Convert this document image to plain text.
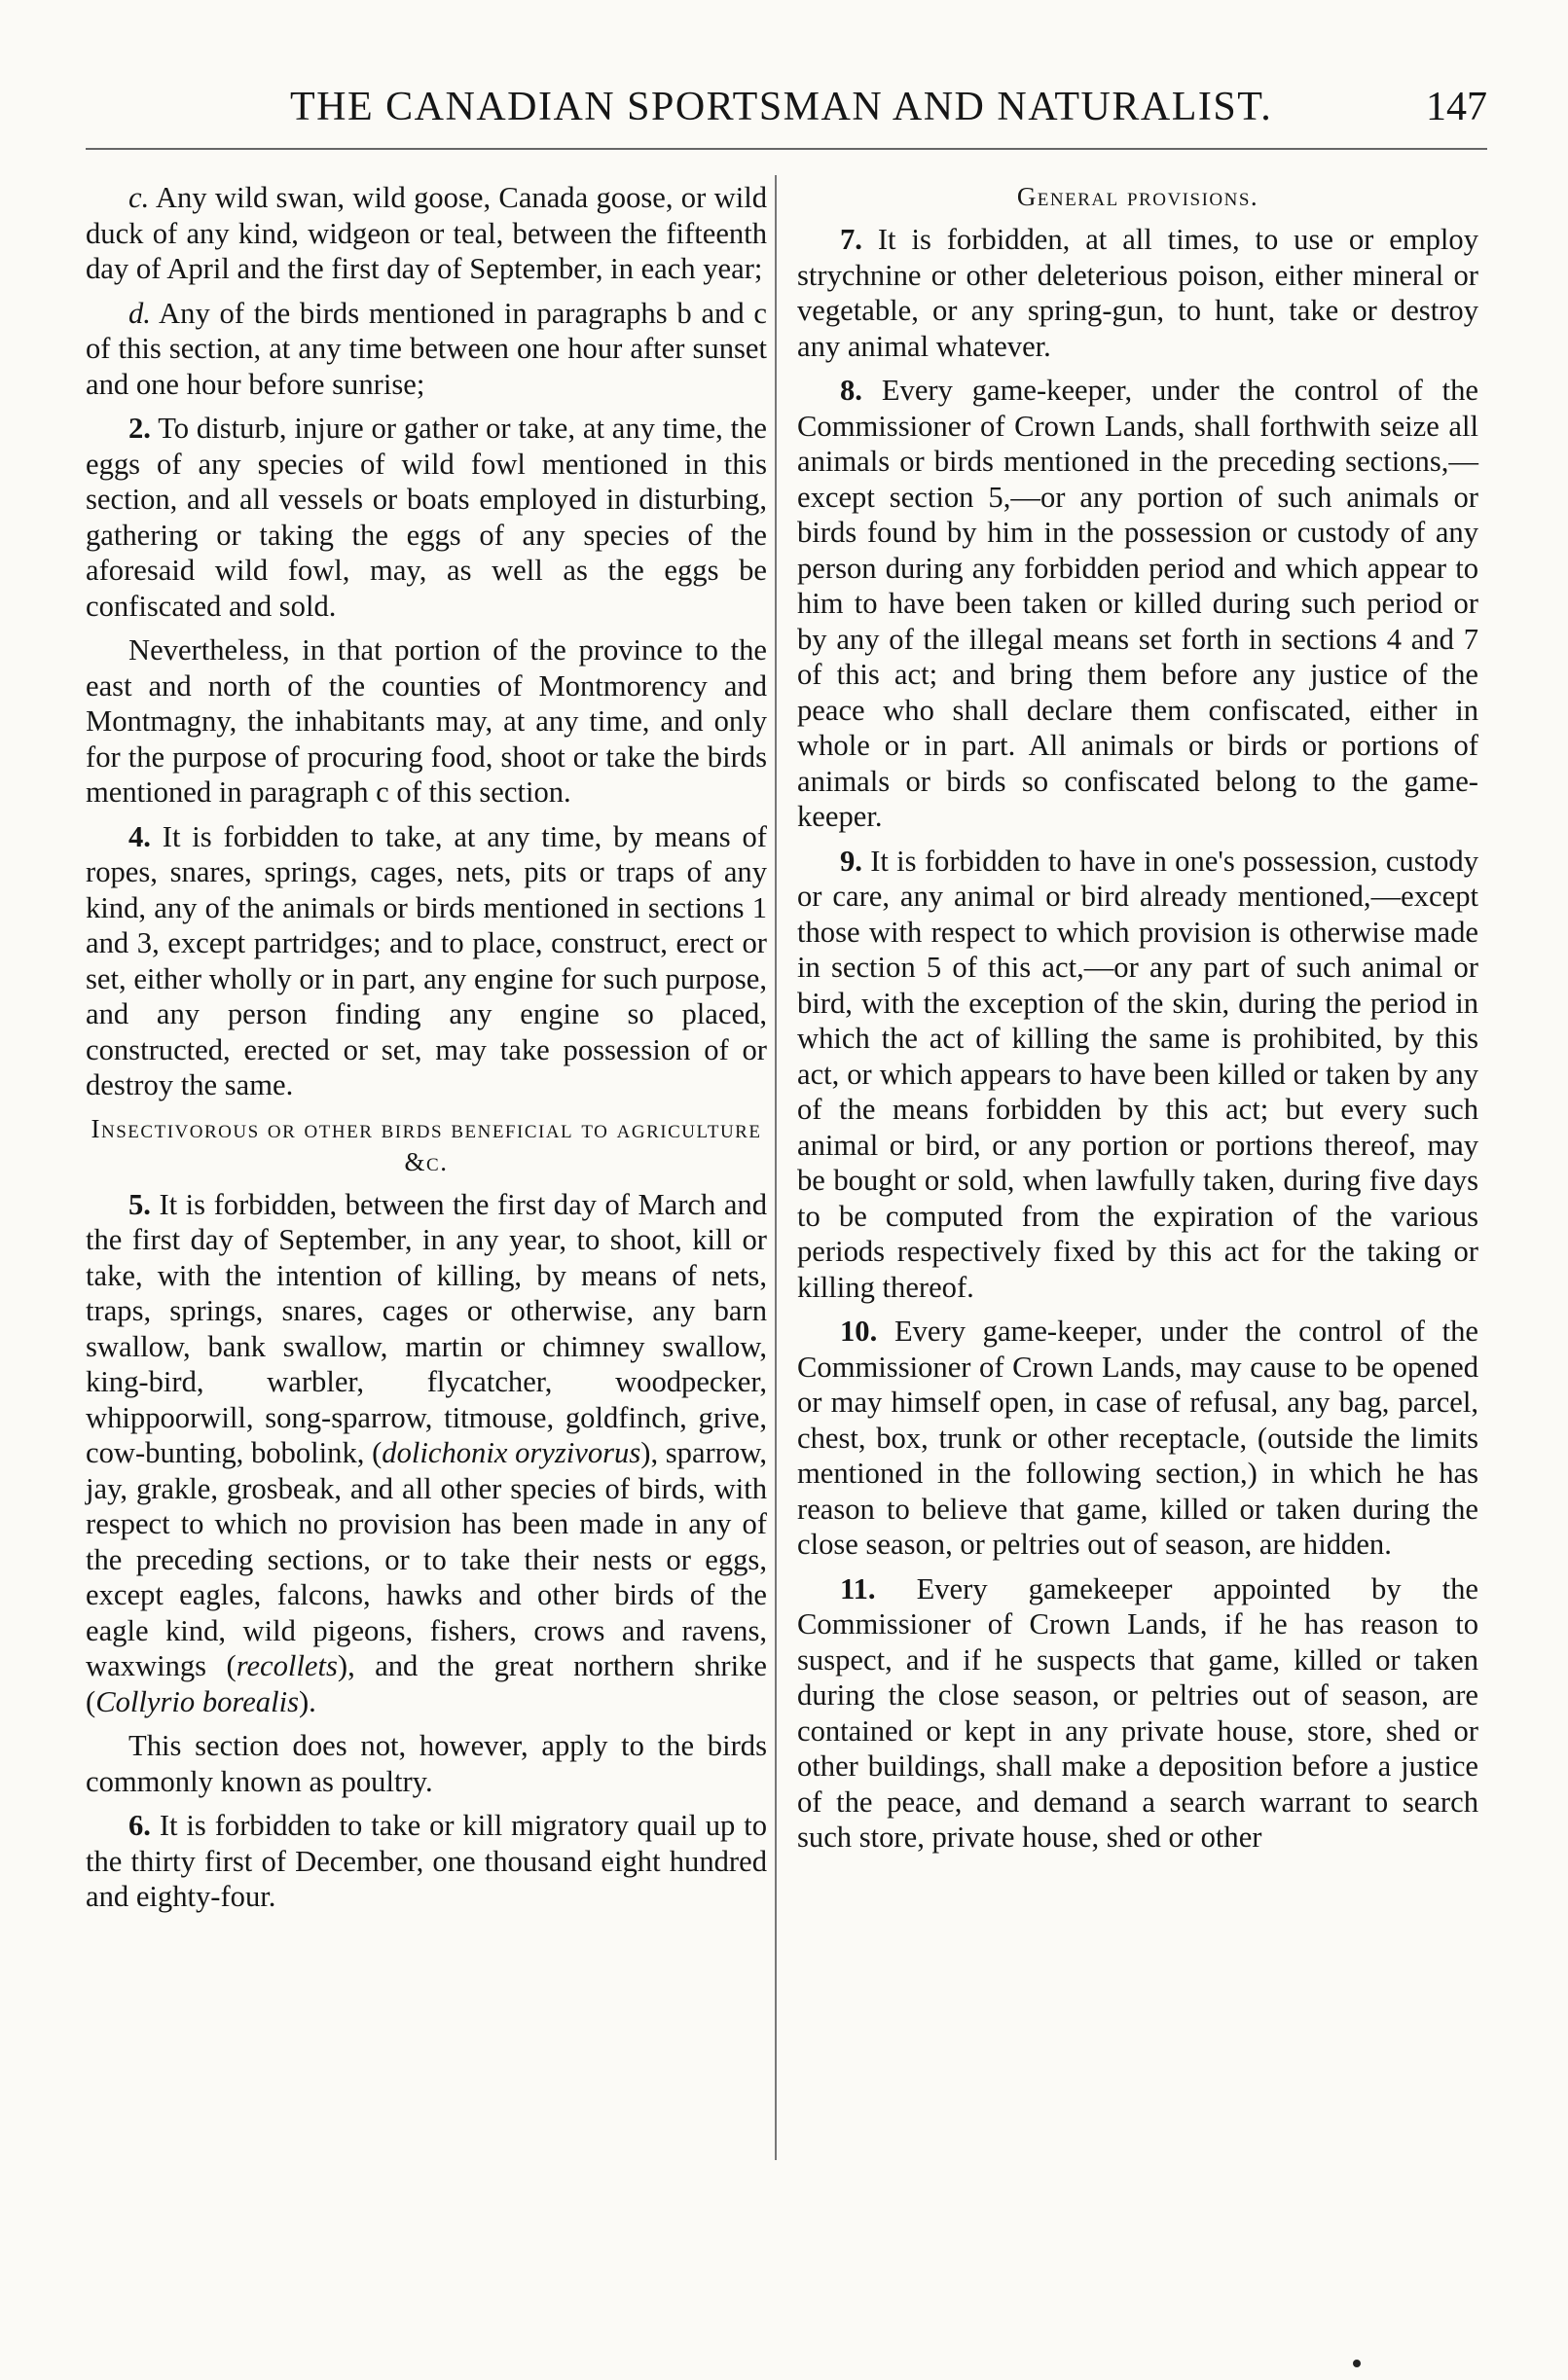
THE CANADIAN SPORTSMAN AND NATURALIST.	147

c. Any wild swan, wild goose, Canada goose, or wild duck of any kind, widgeon or teal, between the fifteenth day of April and the first day of September, in each year;

d. Any of the birds mentioned in paragraphs b and c of this section, at any time between one hour after sunset and one hour before sunrise;

2. To disturb, injure or gather or take, at any time, the eggs of any species of wild fowl mentioned in this section, and all vessels or boats employed in disturbing, gathering or taking the eggs of any species of the aforesaid wild fowl, may, as well as the eggs be confiscated and sold.

Nevertheless, in that portion of the province to the east and north of the counties of Montmorency and Montmagny, the inhabitants may, at any time, and only for the purpose of procuring food, shoot or take the birds mentioned in paragraph c of this section.

4. It is forbidden to take, at any time, by means of ropes, snares, springs, cages, nets, pits or traps of any kind, any of the animals or birds mentioned in sections 1 and 3, except partridges; and to place, construct, erect or set, either wholly or in part, any engine for such purpose, and any person finding any engine so placed, constructed, erected or set, may take possession of or destroy the same.

Insectivorous or other birds beneficial to agriculture &c.

5. It is forbidden, between the first day of March and the first day of September, in any year, to shoot, kill or take, with the intention of killing, by means of nets, traps, springs, snares, cages or otherwise, any barn swallow, bank swallow, martin or chimney swallow, king-bird, warbler, flycatcher, woodpecker, whippoorwill, song-sparrow, titmouse, goldfinch, grive, cow-bunting, bobolink, (dolichonix oryzivorus), sparrow, jay, grakle, grosbeak, and all other species of birds, with respect to which no provision has been made in any of the preceding sections, or to take their nests or eggs, except eagles, falcons, hawks and other birds of the eagle kind, wild pigeons, fishers, crows and ravens, waxwings (recollets), and the great northern shrike (Collyrio borealis).

This section does not, however, apply to the birds commonly known as poultry.

6. It is forbidden to take or kill migratory quail up to the thirty first of December, one thousand eight hundred and eighty-four.

General provisions.

7. It is forbidden, at all times, to use or employ strychnine or other deleterious poison, either mineral or vegetable, or any spring-gun, to hunt, take or destroy any animal whatever.

8. Every game-keeper, under the control of the Commissioner of Crown Lands, shall forthwith seize all animals or birds mentioned in the preceding sections,—except section 5,—or any portion of such animals or birds found by him in the possession or custody of any person during any forbidden period and which appear to him to have been taken or killed during such period or by any of the illegal means set forth in sections 4 and 7 of this act; and bring them before any justice of the peace who shall declare them confiscated, either in whole or in part. All animals or birds or portions of animals or birds so confiscated belong to the game-keeper.

9. It is forbidden to have in one's possession, custody or care, any animal or bird already mentioned,—except those with respect to which provision is otherwise made in section 5 of this act,—or any part of such animal or bird, with the exception of the skin, during the period in which the act of killing the same is prohibited, by this act, or which appears to have been killed or taken by any of the means forbidden by this act; but every such animal or bird, or any portion or portions thereof, may be bought or sold, when lawfully taken, during five days to be computed from the expiration of the various periods respectively fixed by this act for the taking or killing thereof.

10. Every game-keeper, under the control of the Commissioner of Crown Lands, may cause to be opened or may himself open, in case of refusal, any bag, parcel, chest, box, trunk or other receptacle, (outside the limits mentioned in the following section,) in which he has reason to believe that game, killed or taken during the close season, or peltries out of season, are hidden.

11. Every gamekeeper appointed by the Commissioner of Crown Lands, if he has reason to suspect, and if he suspects that game, killed or taken during the close season, or peltries out of season, are contained or kept in any private house, store, shed or other buildings, shall make a deposition before a justice of the peace, and demand a search warrant to search such store, private house, shed or other
